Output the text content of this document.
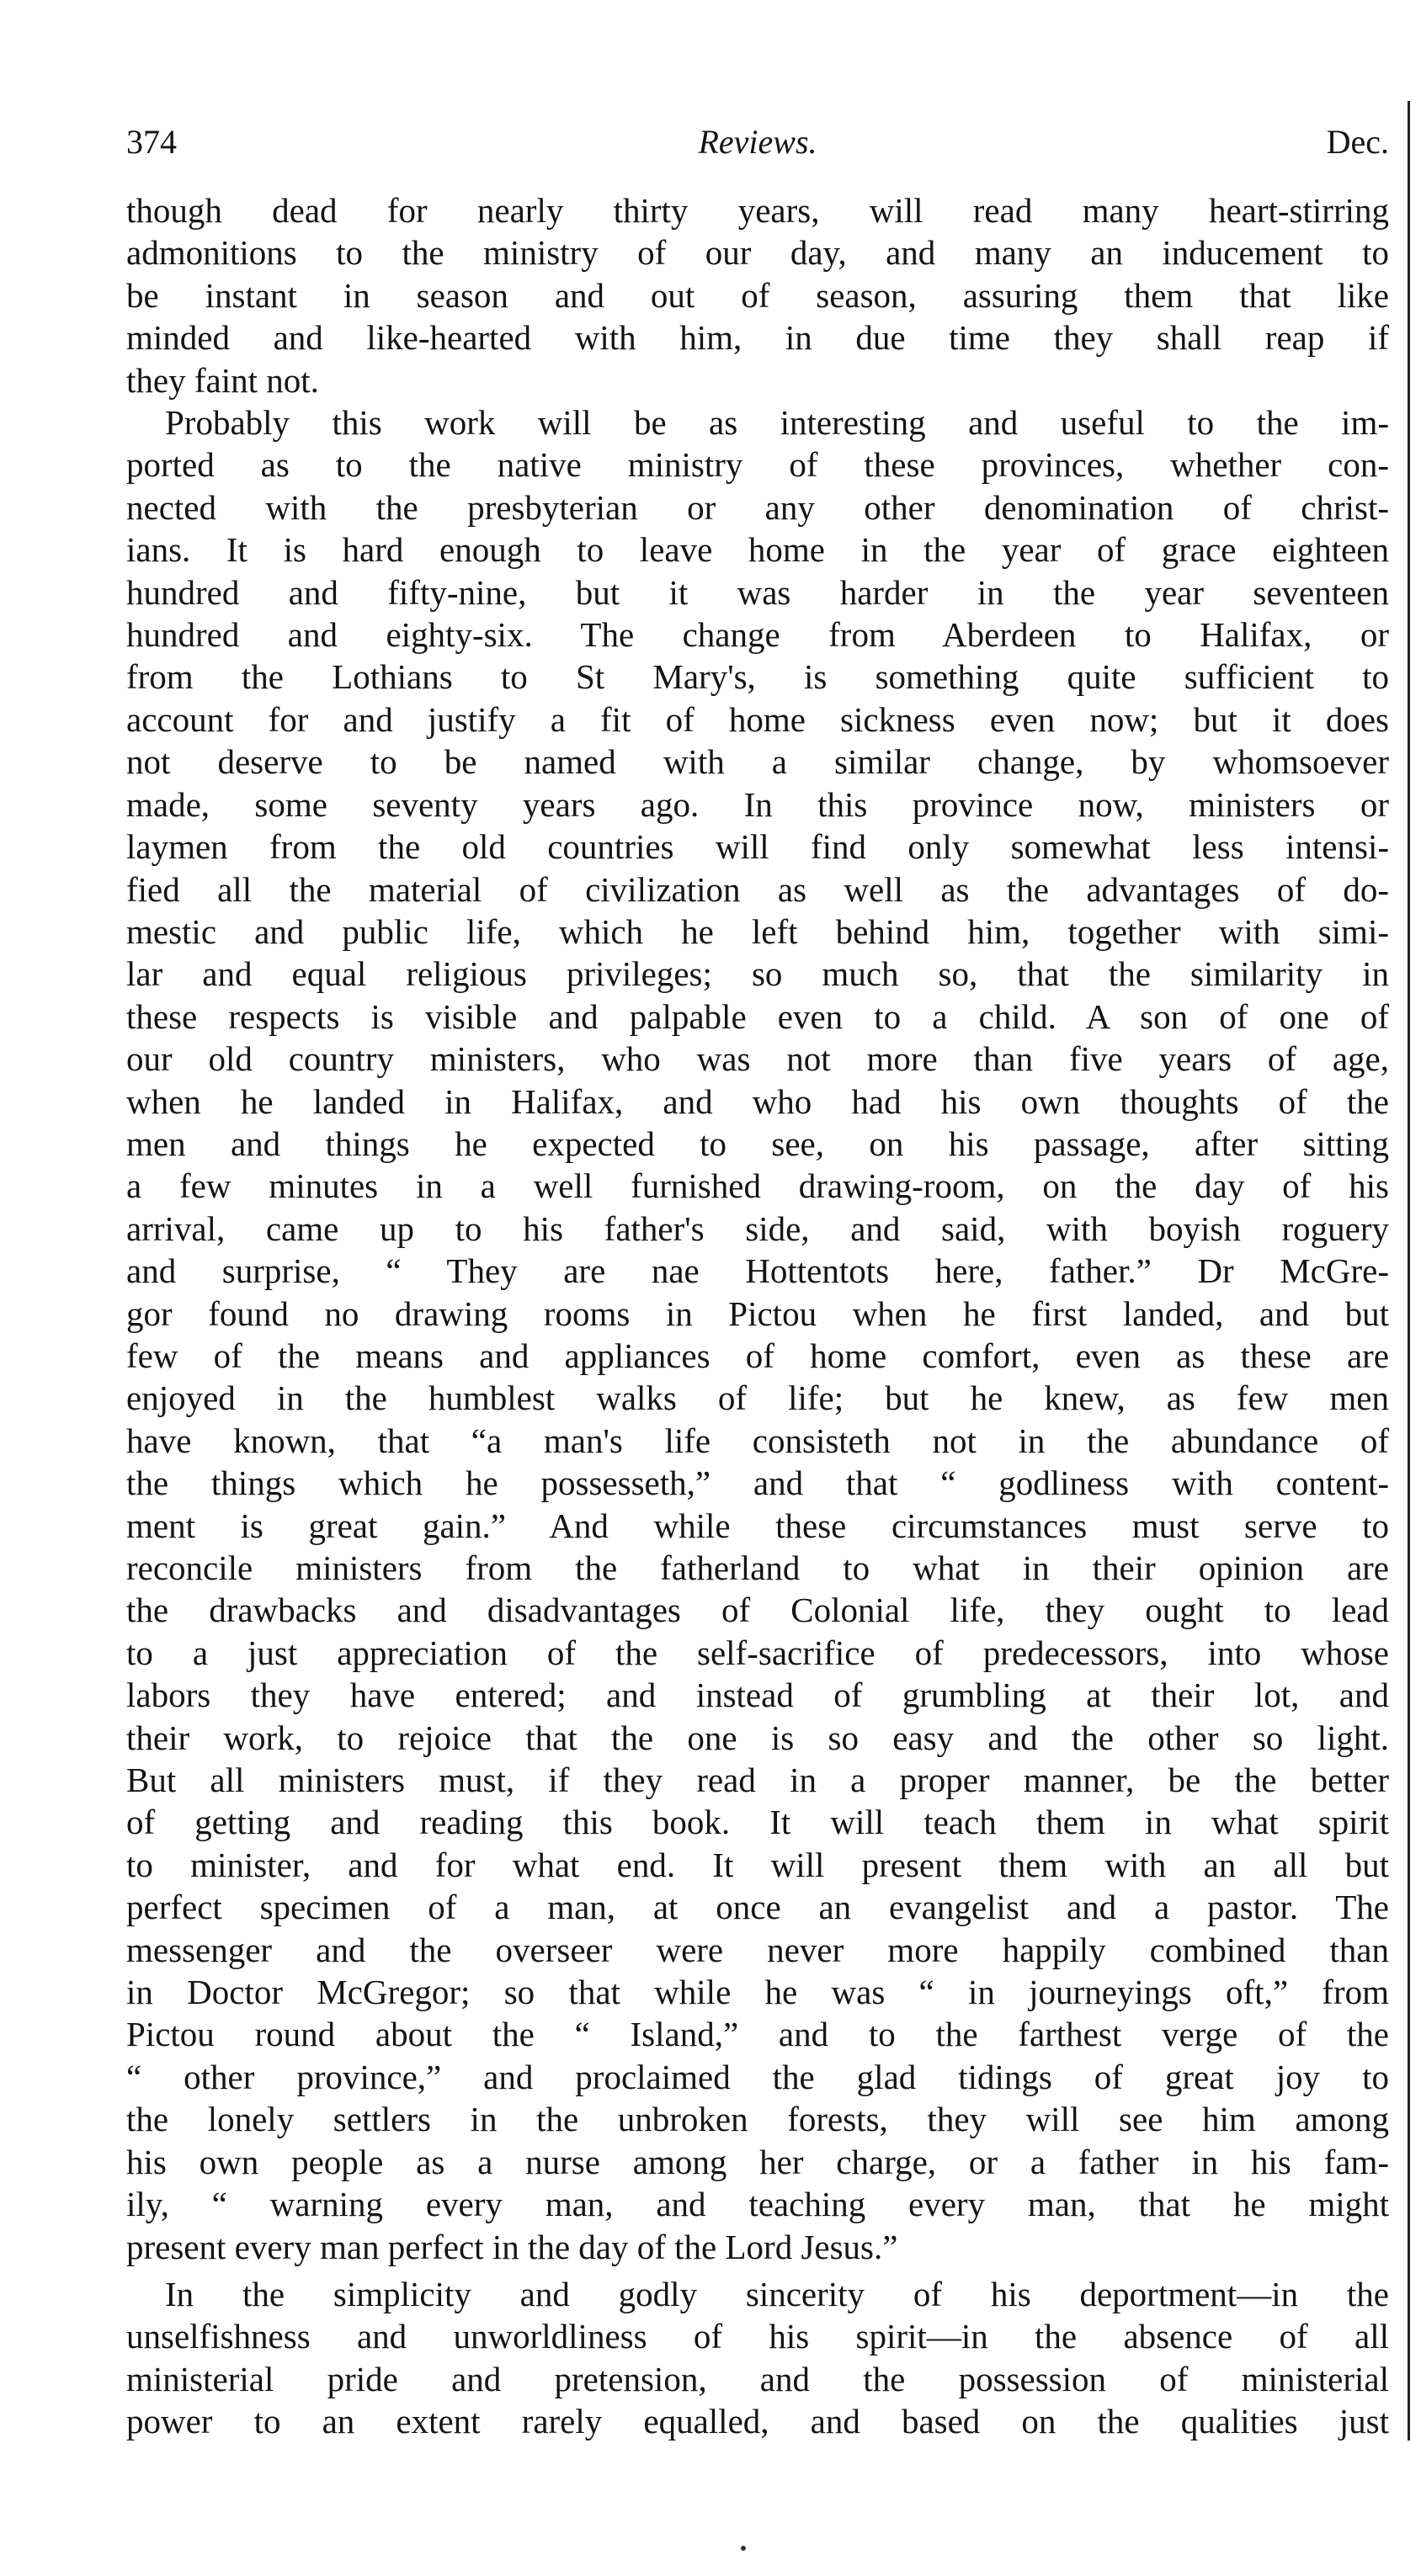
374	Reviews.	Dec.
though dead for nearly thirty years, will read many heart-stirring
admonitions to the ministry of our day, and many an inducement to
be instant in season and out of season, assuring them that like
minded and like-hearted with him, in due time they shall reap if
they faint not.
Probably this work will be as interesting and useful to the im-
ported as to the native ministry of these provinces, whether con-
nected with the presbyterian or any other denomination of christ-
ians. It is hard enough to leave home in the year of grace eighteen
hundred and fifty-nine, but it was harder in the year seventeen
hundred and eighty-six. The change from Aberdeen to Halifax, or
from the Lothians to St Mary's, is something quite sufficient to
account for and justify a fit of home sickness even now; but it does
not deserve to be named with a similar change, by whomsoever
made, some seventy years ago. In this province now, ministers or
laymen from the old countries will find only somewhat less intensi-
fied all the material of civilization as well as the advantages of do-
mestic and public life, which he left behind him, together with simi-
lar and equal religious privileges; so much so, that the similarity in
these respects is visible and palpable even to a child. A son of one of
our old country ministers, who was not more than five years of age,
when he landed in Halifax, and who had his own thoughts of the
men and things he expected to see, on his passage, after sitting
a few minutes in a well furnished drawing-room, on the day of his
arrival, came up to his father's side, and said, with boyish roguery
and surprise, “ They are nae Hottentots here, father.” Dr McGre-
gor found no drawing rooms in Pictou when he first landed, and but
few of the means and appliances of home comfort, even as these are
enjoyed in the humblest walks of life; but he knew, as few men
have known, that “a man's life consisteth not in the abundance of
the things which he possesseth,” and that “ godliness with content-
ment is great gain.” And while these circumstances must serve to
reconcile ministers from the fatherland to what in their opinion are
the drawbacks and disadvantages of Colonial life, they ought to lead
to a just appreciation of the self-sacrifice of predecessors, into whose
labors they have entered; and instead of grumbling at their lot, and
their work, to rejoice that the one is so easy and the other so light.
But all ministers must, if they read in a proper manner, be the better
of getting and reading this book. It will teach them in what spirit
to minister, and for what end. It will present them with an all but
perfect specimen of a man, at once an evangelist and a pastor. The
messenger and the overseer were never more happily combined than
in Doctor McGregor; so that while he was “ in journeyings oft,” from
Pictou round about the “ Island,” and to the farthest verge of the
“ other province,” and proclaimed the glad tidings of great joy to
the lonely settlers in the unbroken forests, they will see him among
his own people as a nurse among her charge, or a father in his fam-
ily, “ warning every man, and teaching every man, that he might
present every man perfect in the day of the Lord Jesus.”
In the simplicity and godly sincerity of his deportment—in the
unselfishness and unworldliness of his spirit—in the absence of all
ministerial pride and pretension, and the possession of ministerial
power to an extent rarely equalled, and based on the qualities just
